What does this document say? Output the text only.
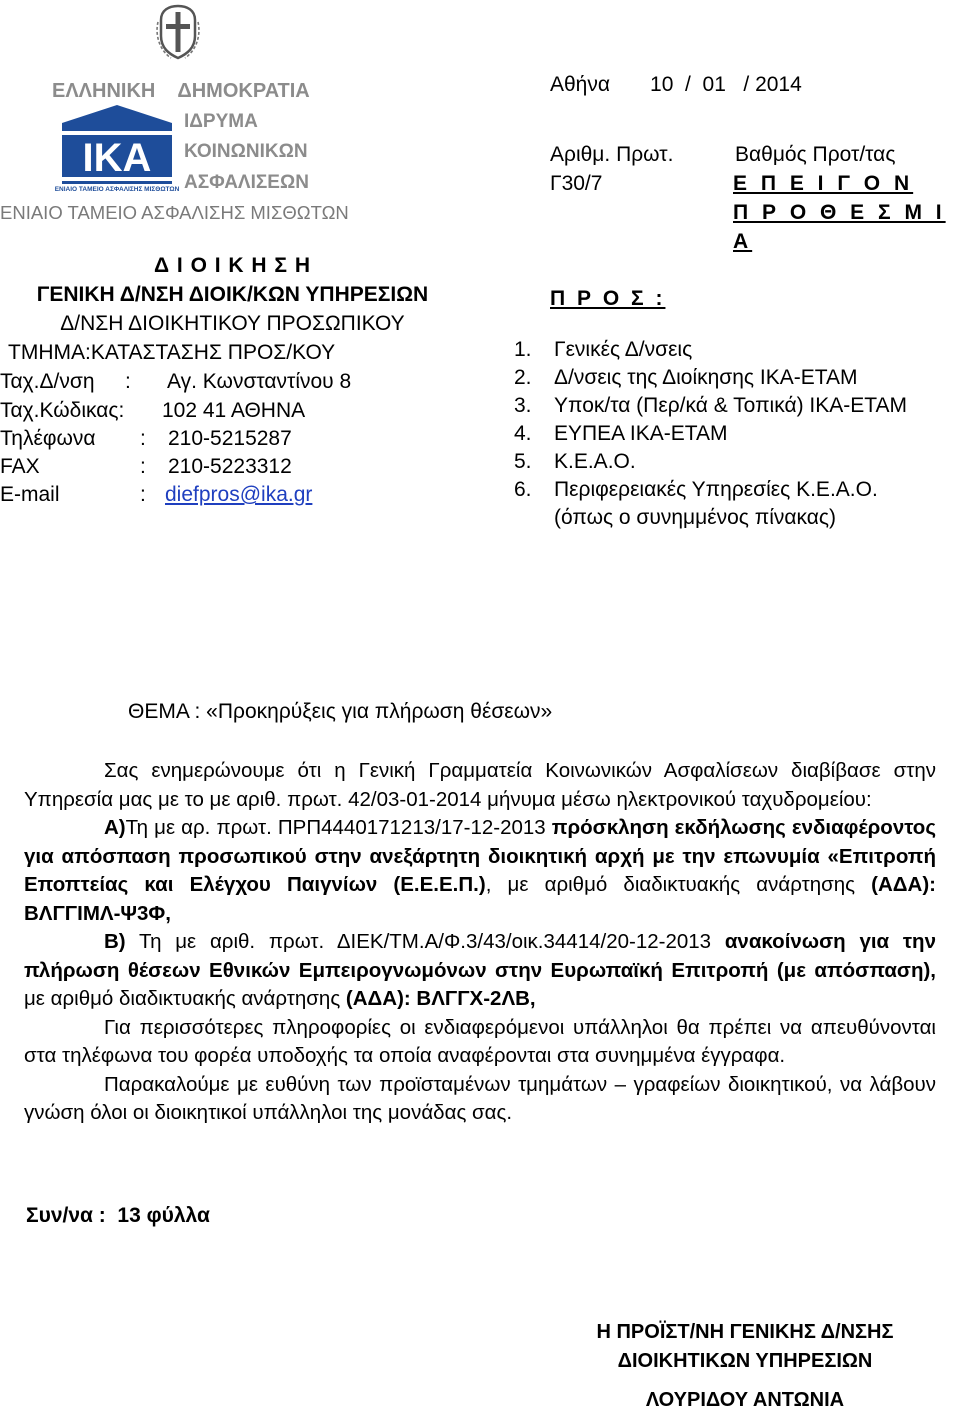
ΕΛΛΗΝΙΚΗ ΔΗΜΟΚΡΑΤΙΑ
ΙΚΑ
ΕΝΙΑΙΟ ΤΑΜΕΙΟ ΑΣΦΑΛΙΣΗΣ ΜΙΣΘΩΤΩΝ
ΙΔΡΥΜΑ
ΚΟΙΝΩΝΙΚΩΝ
ΑΣΦΑΛΙΣΕΩΝ
ΕΝΙΑΙΟ ΤΑΜΕΙΟ ΑΣΦΑΛΙΣΗΣ ΜΙΣΘΩΤΩΝ
Δ Ι Ο Ι Κ Η Σ Η
ΓΕΝΙΚΗ Δ/ΝΣΗ ΔΙΟΙΚ/ΚΩΝ ΥΠΗΡΕΣΙΩΝ
Δ/ΝΣΗ ΔΙΟΙΚΗΤΙΚΟΥ ΠΡΟΣΩΠΙΚΟΥ
ΤΜΗΜΑ:ΚΑΤΑΣΤΑΣΗΣ ΠΡΟΣ/ΚΟΥ
Ταχ.Δ/νση : Αγ. Κωνσταντίνου 8
Ταχ.Κώδικας: 102 41 ΑΘΗΝΑ
Τηλέφωνα : 210-5215287
FAX	: 210-5223312
E-mail	: diefpros@ika.gr
Αθήνα 10  /  01   / 2014
Αριθμ. Πρωτ.
Γ30/7
Βαθμός Προτ/τας
Ε Π Ε Ι Γ Ο Ν
Π Ρ Ο Θ Ε Σ Μ Ι Α
Π Ρ Ο Σ :
1.	Γενικές Δ/νσεις
2.	Δ/νσεις της Διοίκησης ΙΚΑ-ΕΤΑΜ
3.	Υποκ/τα (Περ/κά & Τοπικά) ΙΚΑ-ΕΤΑΜ
4.	ΕΥΠΕΑ ΙΚΑ-ΕΤΑΜ
5.	Κ.Ε.Α.Ο.
6.	Περιφερειακές Υπηρεσίες Κ.Ε.Α.Ο.
(όπως ο συνημμένος πίνακας)
ΘΕΜΑ : «Προκηρύξεις για πλήρωση θέσεων»

Σας ενημερώνουμε ότι η Γενική Γραμματεία Κοινωνικών Ασφαλίσεων διαβίβασε στην Υπηρεσία μας με το με αριθ. πρωτ. 42/03-01-2014 μήνυμα μέσω ηλεκτρονικού ταχυδρομείου:

Α)Τη με αρ. πρωτ. ΠΡΠ4440171213/17-12-2013 πρόσκληση εκδήλωσης ενδιαφέροντος για απόσπαση προσωπικού στην ανεξάρτητη διοικητική αρχή με την επωνυμία «Επιτροπή Εποπτείας και Ελέγχου Παιγνίων (Ε.Ε.Ε.Π.), με αριθμό διαδικτυακής ανάρτησης (ΑΔΑ): ΒΛΓΓΙΜΛ-Ψ3Φ,

Β) Τη με αριθ. πρωτ. ΔΙΕΚ/ΤΜ.Α/Φ.3/43/οικ.34414/20-12-2013 ανακοίνωση για την πλήρωση θέσεων Εθνικών Εμπειρογνωμόνων στην Ευρωπαϊκή Επιτροπή (με απόσπαση), με αριθμό διαδικτυακής ανάρτησης (ΑΔΑ): ΒΛΓΓΧ-2ΛΒ,

Για περισσότερες πληροφορίες οι ενδιαφερόμενοι υπάλληλοι θα πρέπει να απευθύνονται στα τηλέφωνα του φορέα υποδοχής τα οποία αναφέρονται στα συνημμένα έγγραφα.

Παρακαλούμε με ευθύνη των προϊσταμένων τμημάτων – γραφείων διοικητικού, να λάβουν γνώση όλοι οι διοικητικοί υπάλληλοι της μονάδας σας.

Συν/να :  13 φύλλα
Η ΠΡΟΪΣΤ/ΝΗ ΓΕΝΙΚΗΣ Δ/ΝΣΗΣ
ΔΙΟΙΚΗΤΙΚΩΝ ΥΠΗΡΕΣΙΩΝ
ΛΟΥΡΙΔΟΥ ΑΝΤΩΝΙΑ
